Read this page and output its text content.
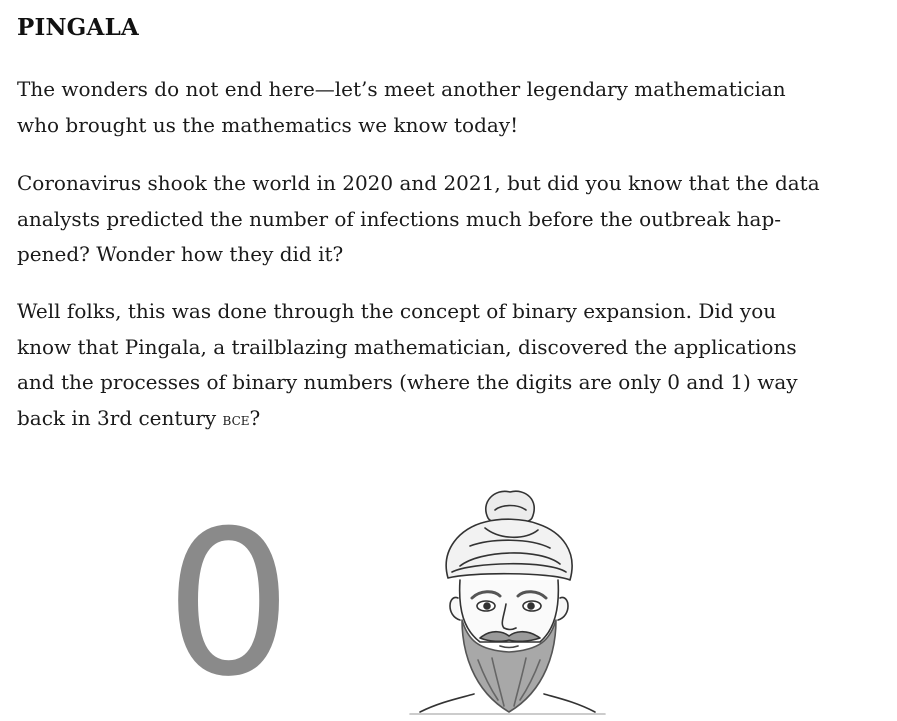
PINGALA

The wonders do not end here—let’s meet another legendary mathematician
who brought us the mathematics we know today!

Coronavirus shook the world in 2020 and 2021, but did you know that the data
analysts predicted the number of infections much before the outbreak hap-
pened? Wonder how they did it?

Well folks, this was done through the concept of binary expansion. Did you
know that Pingala, a trailblazing mathematician, discovered the applications
and the processes of binary numbers (where the digits are only 0 and 1) way
back in 3rd century bce?

0
